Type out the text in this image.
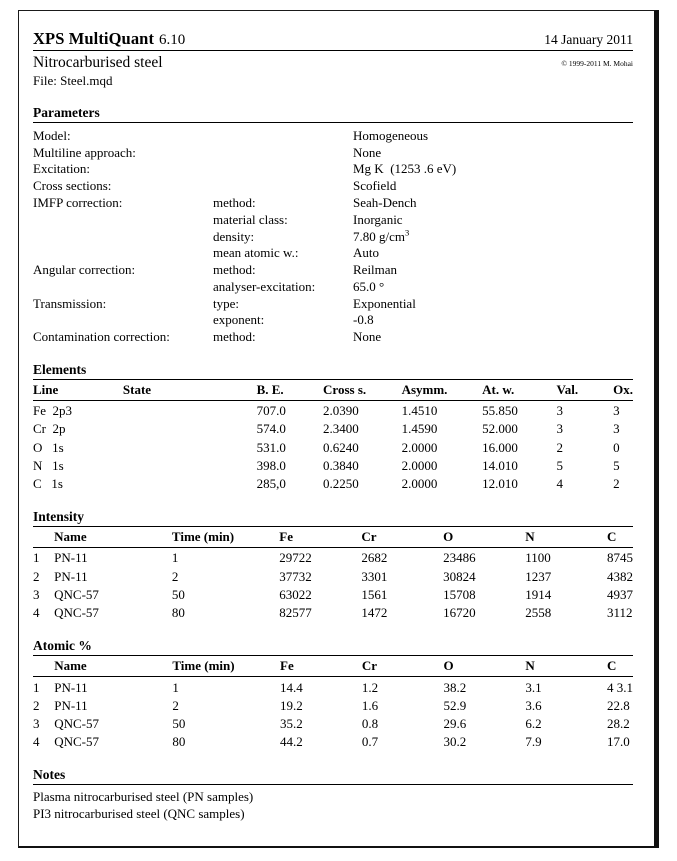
XPS MultiQuant 6.10	14 January 2011
Nitrocarburised steel	© 1999-2011 M. Mohai
File: Steel.mqd
Parameters
Model:		Homogeneous
Multiline approach:		None
Excitation:		Mg K  (1253 .6 eV)
Cross sections:		Scofield
IMFP correction:	method:	Seah-Dench
	material class:	Inorganic
	density:	7.80 $g/cm^3$
	mean atomic w.:	Auto
Angular correction:	method:	Reilman
	analyser-excitation:	65.0 °
Transmission:	type:	Exponential
	exponent:	-0.8
Contamination correction:	method:	None
Elements
Line	State	B. E.	Cross s.	Asymm.	At. w.	Val.	Ox.
Fe  2p3		707.0	2.0390	1.4510	55.850	3	3
Cr  2p		574.0	2.3400	1.4590	52.000	3	3
O   1s		531.0	0.6240	2.0000	16.000	2	0
N   1s		398.0	0.3840	2.0000	14.010	5	5
C   1s		285,0	0.2250	2.0000	12.010	4	2
Intensity
	Name	Time (min)	Fe	Cr	O	N	C
1	PN-11	1	29722	2682	23486	1100	8745
2	PN-11	2	37732	3301	30824	1237	4382
3	QNC-57	50	63022	1561	15708	1914	4937
4	QNC-57	80	82577	1472	16720	2558	3112
Atomic %
	Name	Time (min)	Fe	Cr	O	N	C
1	PN-11	1	14.4	1.2	38.2	3.1	4 3.1
2	PN-11	2	19.2	1.6	52.9	3.6	22.8
3	QNC-57	50	35.2	0.8	29.6	6.2	28.2
4	QNC-57	80	44.2	0.7	30.2	7.9	17.0
Notes
Plasma nitrocarburised steel (PN samples)
PI3 nitrocarburised steel (QNC samples)
